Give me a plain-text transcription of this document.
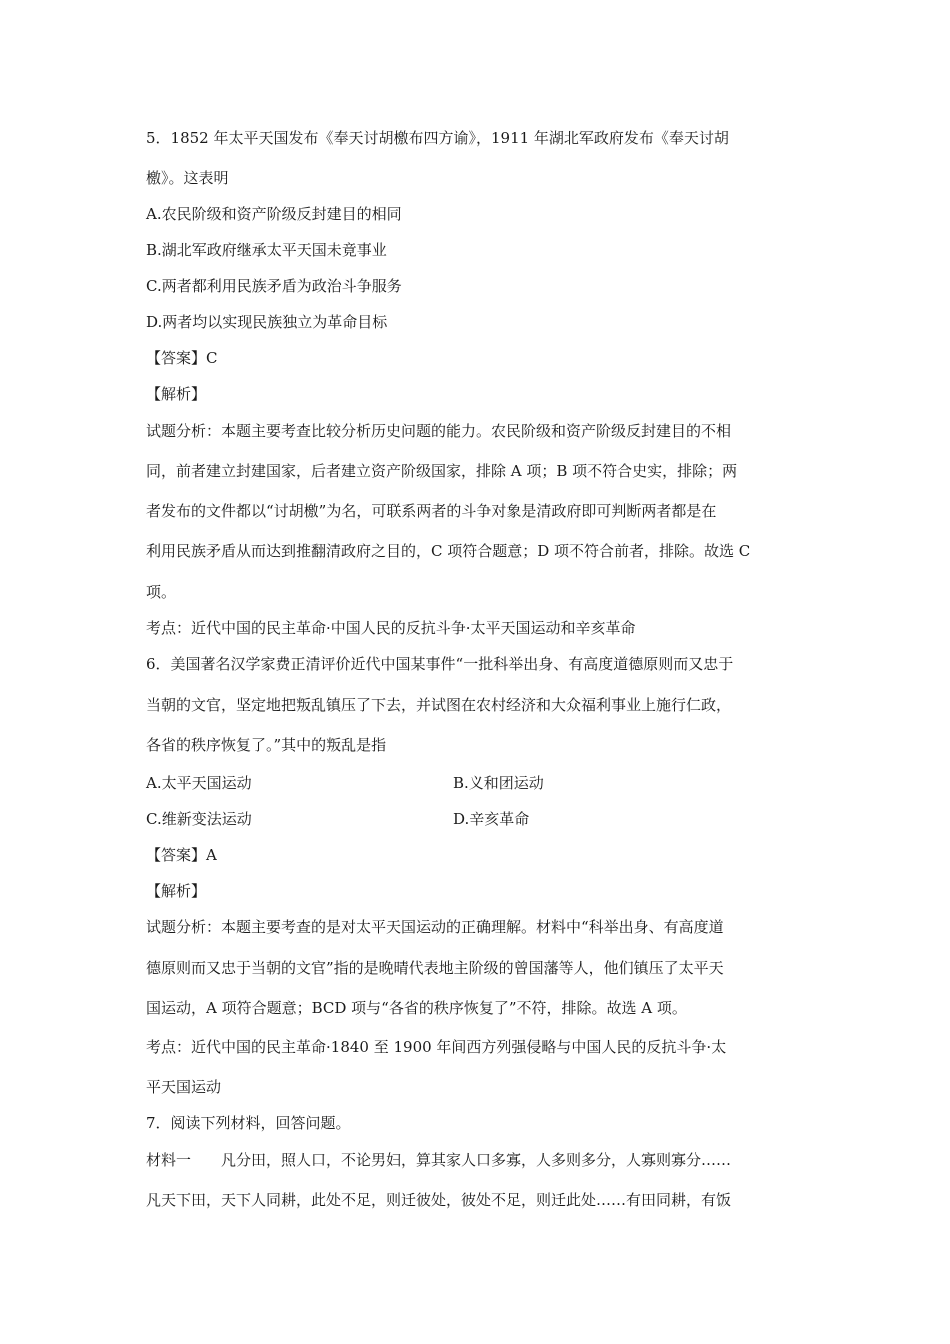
5．1852 年太平天国发布《奉天讨胡檄布四方谕》，1911 年湖北军政府发布《奉天讨胡
檄》。这表明
A.农民阶级和资产阶级反封建目的相同
B.湖北军政府继承太平天国未竟事业
C.两者都利用民族矛盾为政治斗争服务
D.两者均以实现民族独立为革命目标
【答案】C
【解析】
试题分析：本题主要考查比较分析历史问题的能力。农民阶级和资产阶级反封建目的不相
同，前者建立封建国家，后者建立资产阶级国家，排除 A 项；B 项不符合史实，排除；两
者发布的文件都以“讨胡檄”为名，可联系两者的斗争对象是清政府即可判断两者都是在
利用民族矛盾从而达到推翻清政府之目的，C 项符合题意；D 项不符合前者，排除。故选 C
项。
考点：近代中国的民主革命·中国人民的反抗斗争·太平天国运动和辛亥革命
6．美国著名汉学家费正清评价近代中国某事件“一批科举出身、有高度道德原则而又忠于
当朝的文官，坚定地把叛乱镇压了下去，并试图在农村经济和大众福利事业上施行仁政，
各省的秩序恢复了。”其中的叛乱是指
A.太平天国运动	B.义和团运动
C.维新变法运动	D.辛亥革命
【答案】A
【解析】
试题分析：本题主要考查的是对太平天国运动的正确理解。材料中“科举出身、有高度道
德原则而又忠于当朝的文官”指的是晚晴代表地主阶级的曾国藩等人，他们镇压了太平天
国运动，A 项符合题意；BCD 项与“各省的秩序恢复了”不符，排除。故选 A 项。
考点：近代中国的民主革命·1840 至 1900 年间西方列强侵略与中国人民的反抗斗争·太
平天国运动
7．阅读下列材料，回答问题。
材料一　　凡分田，照人口，不论男妇，算其家人口多寡，人多则多分，人寡则寡分……
凡天下田，天下人同耕，此处不足，则迁彼处，彼处不足，则迁此处……有田同耕，有饭
